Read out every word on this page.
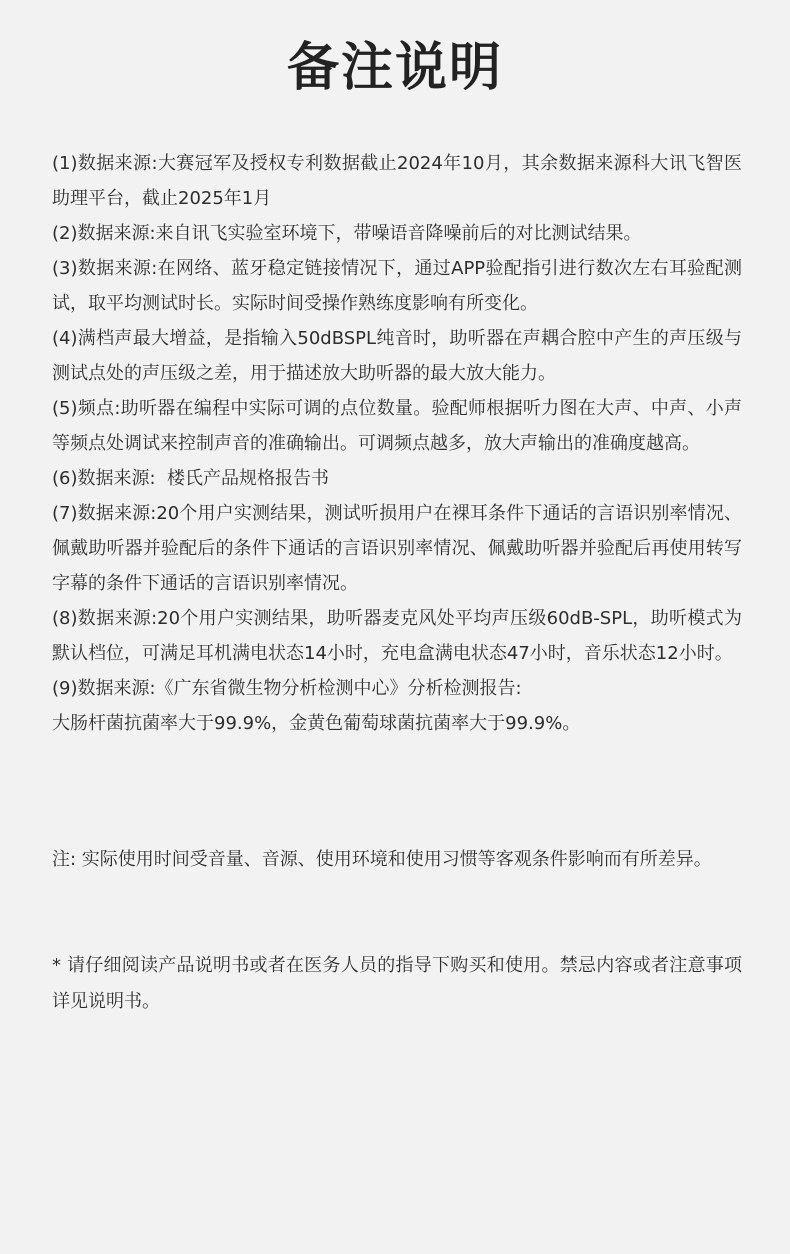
备注说明

(1)数据来源:大赛冠军及授权专利数据截止2024年10月，其余数据来源科大讯飞智医助理平台，截止2025年1月

(2)数据来源:来自讯飞实验室环境下，带噪语音降噪前后的对比测试结果。

(3)数据来源:在网络、蓝牙稳定链接情况下，通过APP验配指引进行数次左右耳验配测试，取平均测试时长。实际时间受操作熟练度影响有所变化。

(4)满档声最大增益，是指输入50dBSPL纯音时，助听器在声耦合腔中产生的声压级与测试点处的声压级之差，用于描述放大助听器的最大放大能力。

(5)频点:助听器在编程中实际可调的点位数量。验配师根据听力图在大声、中声、小声等频点处调试来控制声音的准确输出。可调频点越多，放大声输出的准确度越高。

(6)数据来源:  楼氏产品规格报告书

(7)数据来源:20个用户实测结果，测试听损用户在裸耳条件下通话的言语识别率情况、佩戴助听器并验配后的条件下通话的言语识别率情况、佩戴助听器并验配后再使用转写字幕的条件下通话的言语识别率情况。

(8)数据来源:20个用户实测结果，助听器麦克风处平均声压级60dB-SPL，助听模式为默认档位，可满足耳机满电状态14小时，充电盒满电状态47小时，音乐状态12小时。

(9)数据来源:《广东省微生物分析检测中心》分析检测报告:

大肠杆菌抗菌率大于99.9%，金黄色葡萄球菌抗菌率大于99.9%。

注: 实际使用时间受音量、音源、使用环境和使用习惯等客观条件影响而有所差异。

* 请仔细阅读产品说明书或者在医务人员的指导下购买和使用。禁忌内容或者注意事项详见说明书。
